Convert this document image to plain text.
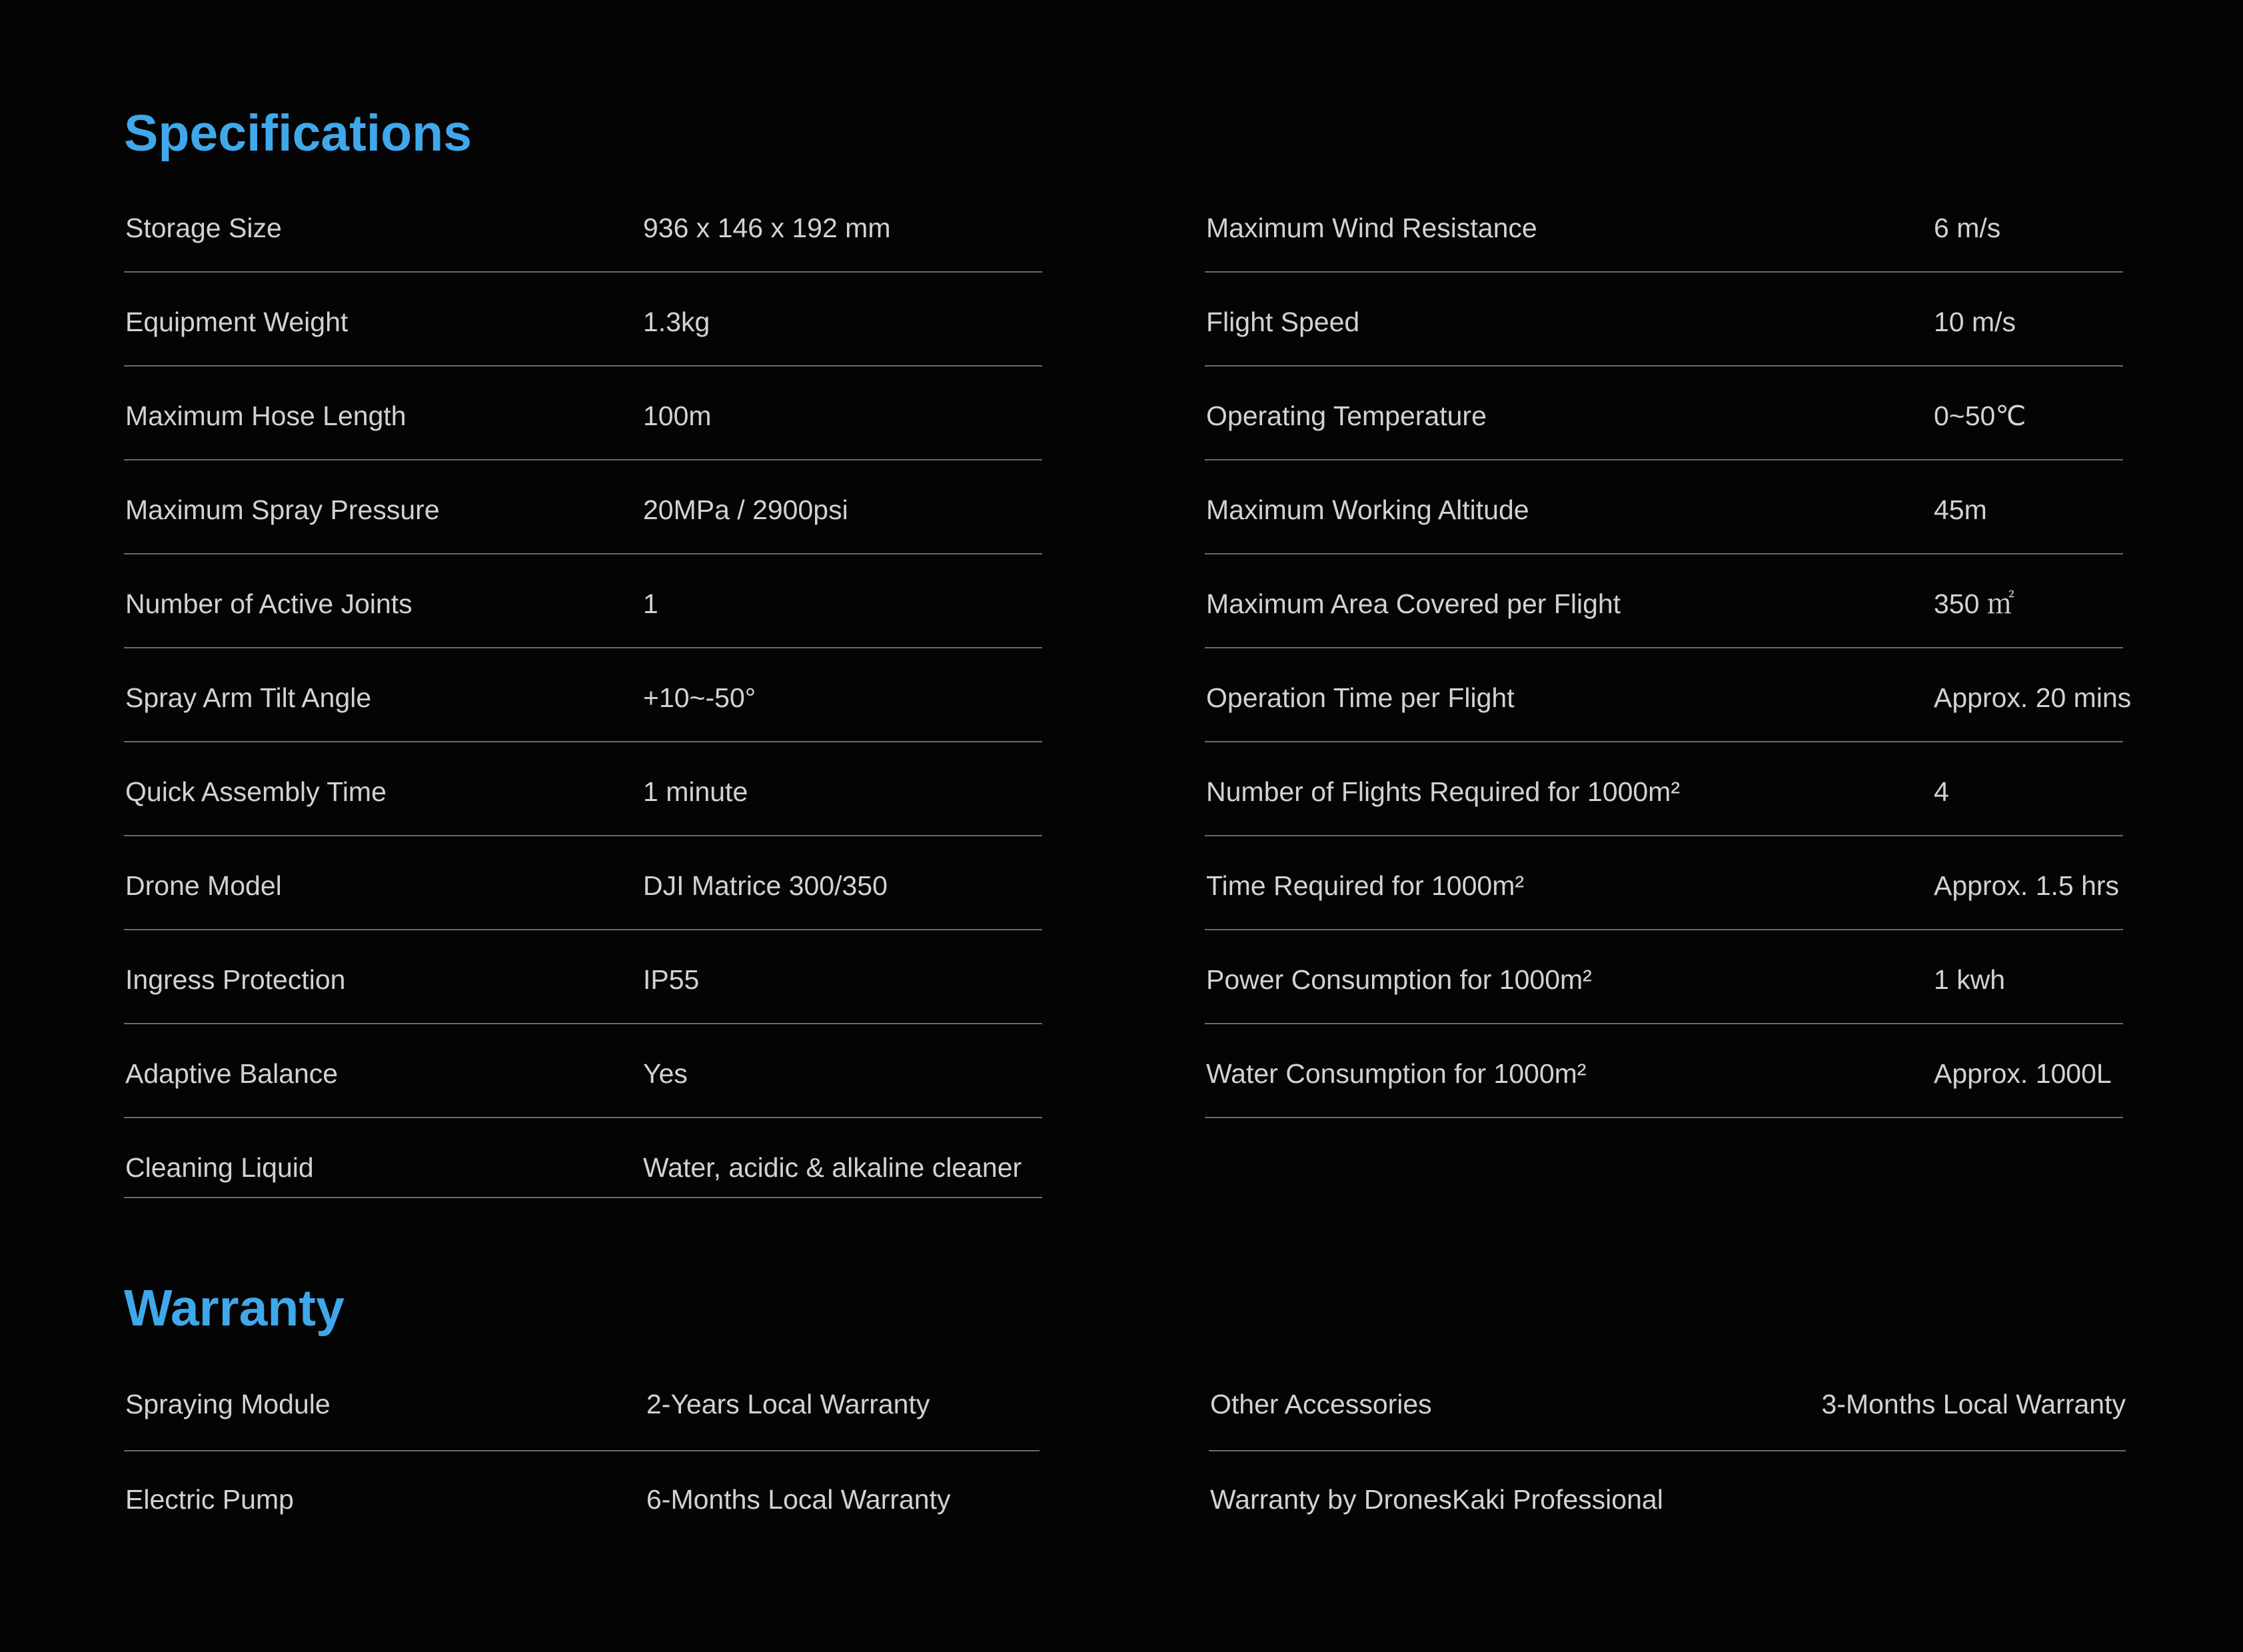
Specifications
Storage Size	936 x 146 x 192 mm
Equipment Weight	1.3kg
Maximum Hose Length	100m
Maximum Spray Pressure	20MPa / 2900psi
Number of Active Joints	1
Spray Arm Tilt Angle	+10~-50°
Quick Assembly Time	1 minute
Drone Model	DJI Matrice 300/350
Ingress Protection	IP55
Adaptive Balance	Yes
Cleaning Liquid	Water, acidic & alkaline cleaner
Maximum Wind Resistance	6 m/s
Flight Speed	10 m/s
Operating Temperature	0~50℃
Maximum Working Altitude	45m
Maximum Area Covered per Flight	350 ㎡
Operation Time per Flight	Approx. 20 mins
Number of Flights Required for 1000m²	4
Time Required for 1000m²	Approx. 1.5 hrs
Power Consumption for 1000m²	1 kwh
Water Consumption for 1000m²	Approx. 1000L
Warranty
Spraying Module	2-Years Local Warranty
Electric Pump	6-Months Local Warranty
Other Accessories	3-Months Local Warranty
Warranty by DronesKaki Professional
